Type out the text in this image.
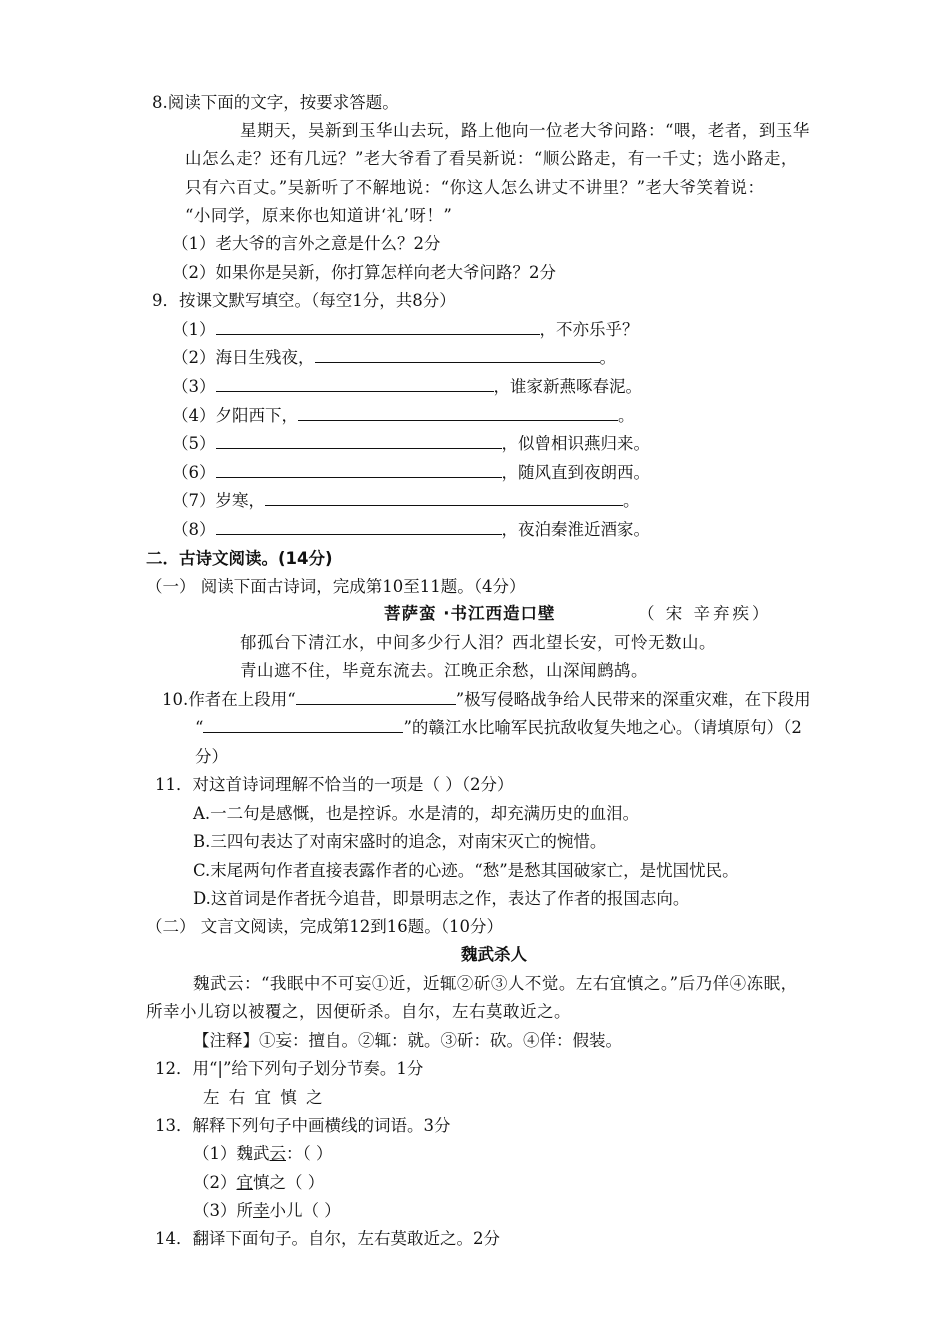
8.阅读下面的文字，按要求答题。
星期天，吴新到玉华山去玩，路上他向一位老大爷问路：“喂，老者，到玉华
山怎么走？还有几远？”老大爷看了看吴新说：“顺公路走，有一千丈；选小路走，
只有六百丈。”吴新听了不解地说：“你这人怎么讲丈不讲里？”老大爷笑着说：
“小同学，原来你也知道讲‘礼’呀！”
（1）老大爷的言外之意是什么？2分
（2）如果你是吴新，你打算怎样向老大爷问路？2分
9．按课文默写填空。（每空1分，共8分）
（1）	，不亦乐乎？
（2）海日生残夜，	。
（3）	，谁家新燕啄春泥。
（4）夕阳西下，	。
（5）	，似曾相识燕归来。
（6）	，随风直到夜朗西。
（7）岁寒，	。
（8）	，夜泊秦淮近酒家。
二．古诗文阅读。(14分)
（一） 阅读下面古诗词，完成第10至11题。（4分）
菩萨蛮 ·书江西造口壁	（ 宋 辛弃疾）
郁孤台下清江水，中间多少行人泪？西北望长安，可怜无数山。
青山遮不住，毕竟东流去。江晚正余愁，山深闻鹧鸪。
10.作者在上段用“	”极写侵略战争给人民带来的深重灾难，在下段用
“	”的赣江水比喻军民抗敌收复失地之心。（请填原句）（2
分）
11．对这首诗词理解不恰当的一项是（ ）（2分）
A.一二句是感慨，也是控诉。水是清的，却充满历史的血泪。
B.三四句表达了对南宋盛时的追念，对南宋灭亡的惋惜。
C.末尾两句作者直接表露作者的心迹。“愁”是愁其国破家亡，是忧国忧民。
D.这首词是作者抚今追昔，即景明志之作，表达了作者的报国志向。
（二） 文言文阅读，完成第12到16题。（10分）
魏武杀人
魏武云：“我眠中不可妄①近，近辄②斫③人不觉。左右宜慎之。”后乃佯④冻眠，
所幸小儿窃以被覆之，因便斫杀。自尔，左右莫敢近之。
【注释】①妄：擅自。②辄：就。③斫：砍。④佯：假装。
12．用“|”给下列句子划分节奏。1分
左 右 宜 慎 之
13．解释下列句子中画横线的词语。3分
（1）魏武云：（ ）
（2）宜慎之（ ）
（3）所幸小儿（ ）
14．翻译下面句子。自尔，左右莫敢近之。2分
